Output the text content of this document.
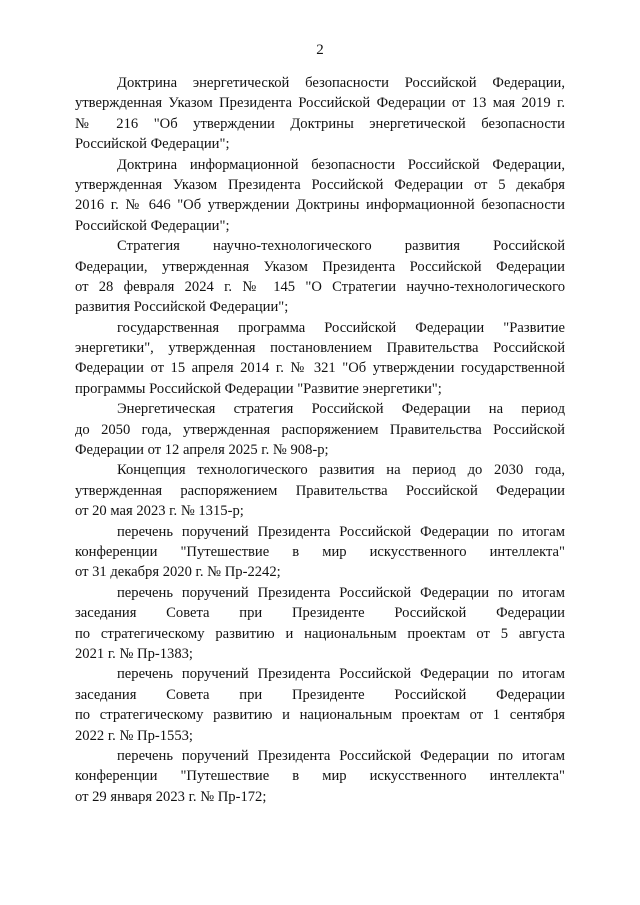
2

Доктрина энергетической безопасности Российской Федерации,
утвержденная Указом Президента Российской Федерации от 13 мая 2019 г.
№ 216 "Об утверждении Доктрины энергетической безопасности
Российской Федерации";

Доктрина информационной безопасности Российской Федерации,
утвержденная Указом Президента Российской Федерации от 5 декабря
2016 г. № 646 "Об утверждении Доктрины информационной безопасности
Российской Федерации";

Стратегия научно-технологического развития Российской
Федерации, утвержденная Указом Президента Российской Федерации
от 28 февраля 2024 г. № 145 "О Стратегии научно-технологического
развития Российской Федерации";

государственная программа Российской Федерации "Развитие
энергетики", утвержденная постановлением Правительства Российской
Федерации от 15 апреля 2014 г. № 321 "Об утверждении государственной
программы Российской Федерации "Развитие энергетики";

Энергетическая стратегия Российской Федерации на период
до 2050 года, утвержденная распоряжением Правительства Российской
Федерации от 12 апреля 2025 г. № 908-р;

Концепция технологического развития на период до 2030 года,
утвержденная распоряжением Правительства Российской Федерации
от 20 мая 2023 г. № 1315-р;

перечень поручений Президента Российской Федерации по итогам
конференции "Путешествие в мир искусственного интеллекта"
от 31 декабря 2020 г. № Пр-2242;

перечень поручений Президента Российской Федерации по итогам
заседания Совета при Президенте Российской Федерации
по стратегическому развитию и национальным проектам от 5 августа
2021 г. № Пр-1383;

перечень поручений Президента Российской Федерации по итогам
заседания Совета при Президенте Российской Федерации
по стратегическому развитию и национальным проектам от 1 сентября
2022 г. № Пр-1553;

перечень поручений Президента Российской Федерации по итогам
конференции "Путешествие в мир искусственного интеллекта"
от 29 января 2023 г. № Пр-172;
